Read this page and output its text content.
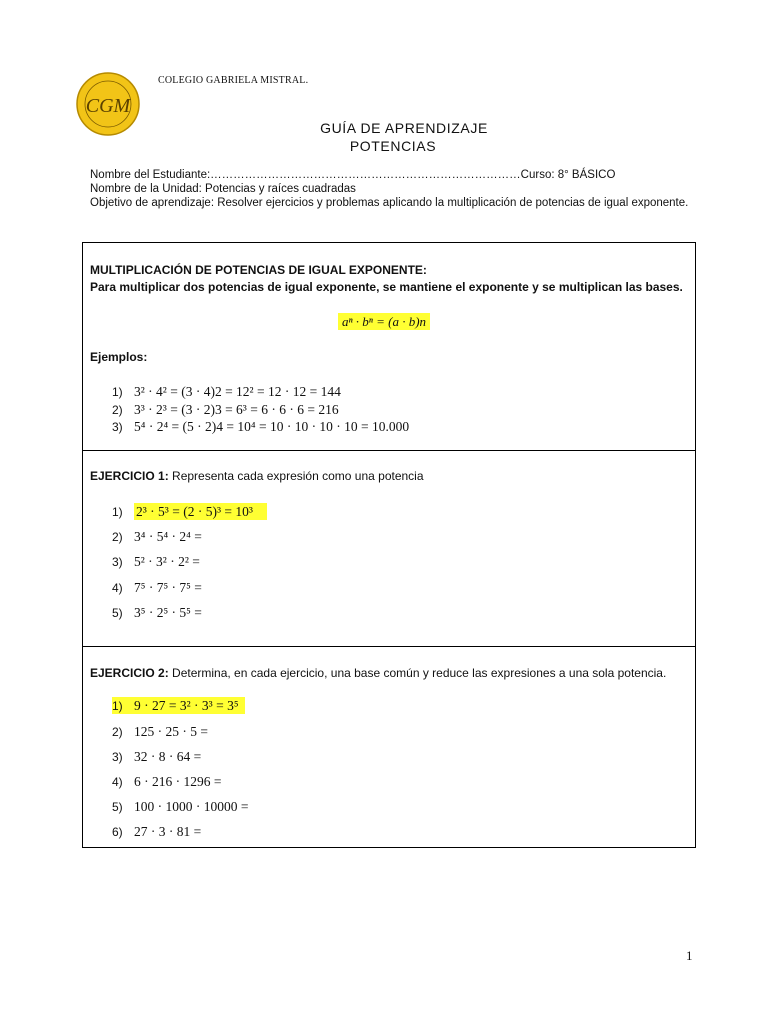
CGM
COLEGIO GABRIELA MISTRAL.
GUÍA DE APRENDIZAJE
POTENCIAS
Nombre del Estudiante:………………………………………………………………………Curso: 8° BÁSICO
Nombre de la Unidad: Potencias y raíces cuadradas
Objetivo de aprendizaje: Resolver ejercicios y problemas aplicando la multiplicación de potencias de igual exponente.
MULTIPLICACIÓN DE POTENCIAS DE IGUAL EXPONENTE:
Para multiplicar dos potencias de igual exponente, se mantiene el exponente y se multiplican las bases.
aⁿ · bⁿ = (a · b)n
Ejemplos:
1) 3² · 4² = (3 · 4)2 = 12² = 12 · 12 = 144
2) 3³ · 2³ = (3 · 2)3 = 6³ = 6 · 6 · 6 = 216
3) 5⁴ · 2⁴ = (5 · 2)4 = 10⁴ = 10 · 10 · 10 · 10 = 10.000
EJERCICIO 1: Representa cada expresión como una potencia
1) 2³ · 5³ = (2 · 5)³ = 10³
2) 3⁴ · 5⁴ · 2⁴ =
3) 5² · 3² · 2² =
4) 7⁵ · 7⁵ · 7⁵ =
5) 3⁵ · 2⁵ · 5⁵ =
EJERCICIO 2: Determina, en cada ejercicio, una base común y reduce las expresiones a una sola potencia.
1) 9 · 27 = 3² · 3³ = 3⁵
2) 125 · 25 · 5 =
3) 32 · 8 · 64 =
4) 6 · 216 · 1296 =
5) 100 · 1000 · 10000 =
6) 27 · 3 · 81 =
1
